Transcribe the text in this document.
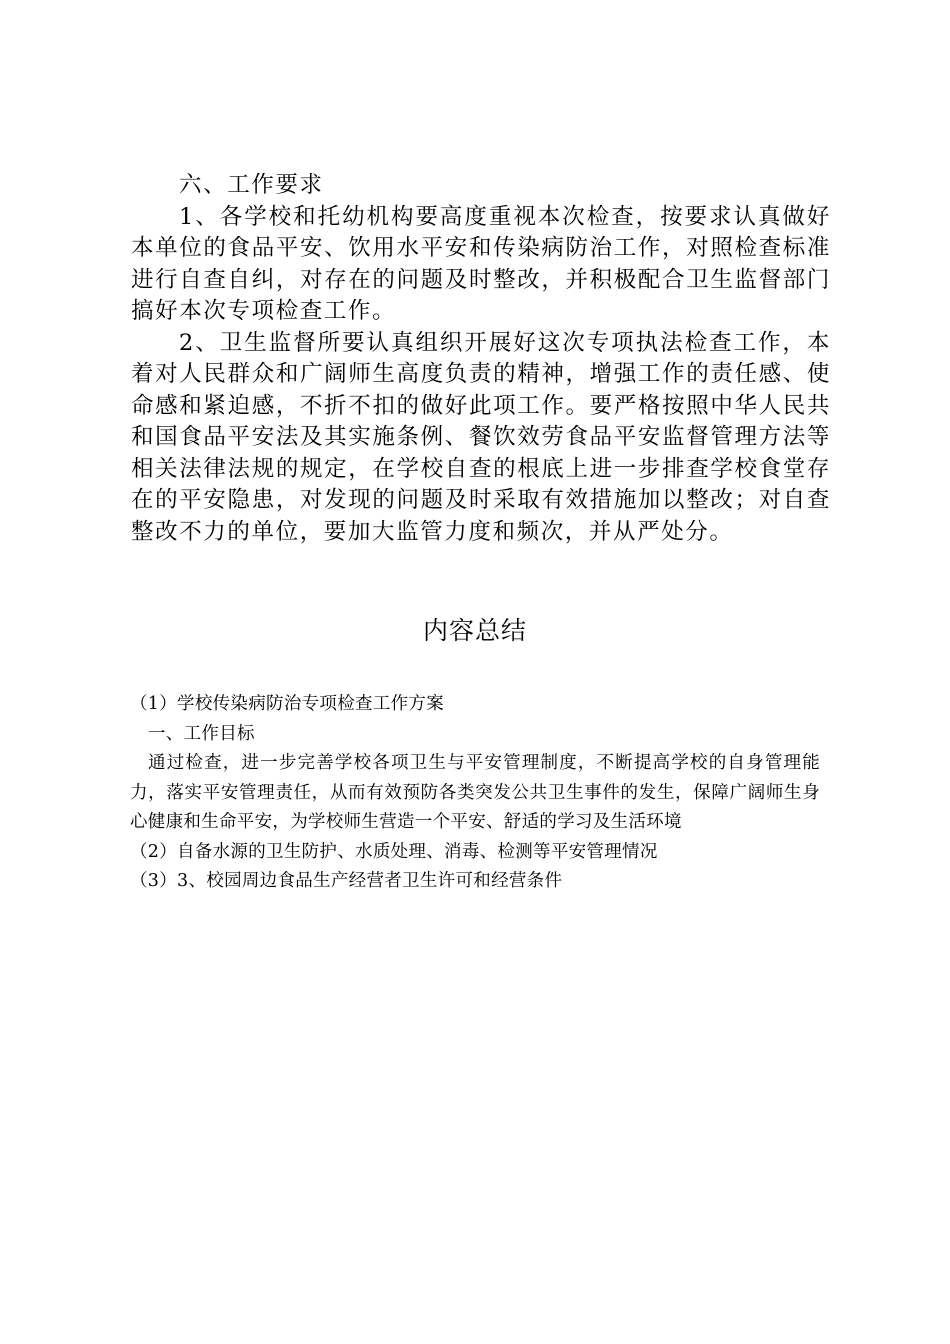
六、工作要求

1、各学校和托幼机构要高度重视本次检查，按要求认真做好本单位的食品平安、饮用水平安和传染病防治工作，对照检查标准进行自查自纠，对存在的问题及时整改，并积极配合卫生监督部门搞好本次专项检查工作。

2、卫生监督所要认真组织开展好这次专项执法检查工作，本着对人民群众和广阔师生高度负责的精神，增强工作的责任感、使命感和紧迫感，不折不扣的做好此项工作。要严格按照中华人民共和国食品平安法及其实施条例、餐饮效劳食品平安监督管理方法等相关法律法规的规定，在学校自查的根底上进一步排查学校食堂存在的平安隐患，对发现的问题及时采取有效措施加以整改；对自查整改不力的单位，要加大监管力度和频次，并从严处分。

内容总结

（1）学校传染病防治专项检查工作方案

一、工作目标

通过检查，进一步完善学校各项卫生与平安管理制度，不断提高学校的自身管理能力，落实平安管理责任，从而有效预防各类突发公共卫生事件的发生，保障广阔师生身心健康和生命平安，为学校师生营造一个平安、舒适的学习及生活环境

（2）自备水源的卫生防护、水质处理、消毒、检测等平安管理情况

（3）3、校园周边食品生产经营者卫生许可和经营条件
